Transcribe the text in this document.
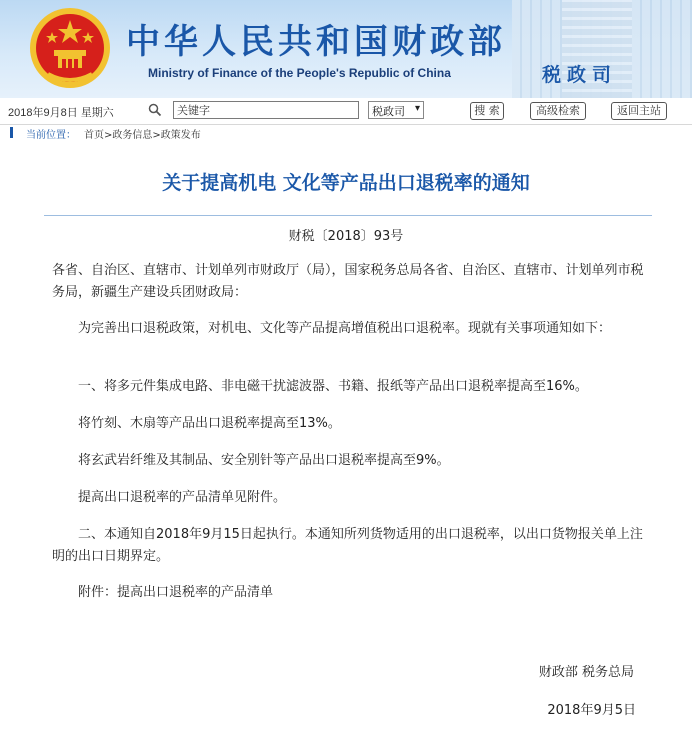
中华人民共和国财政部
Ministry of Finance of the People's Republic of China	税政司
2018年9月8日 星期六
关键字	税政司 ▾	搜 索	高级检索	返回主站
当前位置： 首页>政务信息>政策发布
关于提高机电 文化等产品出口退税率的通知
财税〔2018〕93号
各省、自治区、直辖市、计划单列市财政厅（局），国家税务总局各省、自治区、直辖市、计划单列市税务局，新疆生产建设兵团财政局：
为完善出口退税政策，对机电、文化等产品提高增值税出口退税率。现就有关事项通知如下：
一、将多元件集成电路、非电磁干扰滤波器、书籍、报纸等产品出口退税率提高至16%。
将竹刻、木扇等产品出口退税率提高至13%。
将玄武岩纤维及其制品、安全别针等产品出口退税率提高至9%。
提高出口退税率的产品清单见附件。
二、本通知自2018年9月15日起执行。本通知所列货物适用的出口退税率，以出口货物报关单上注明的出口日期界定。
附件：提高出口退税率的产品清单
财政部 税务总局
2018年9月5日
